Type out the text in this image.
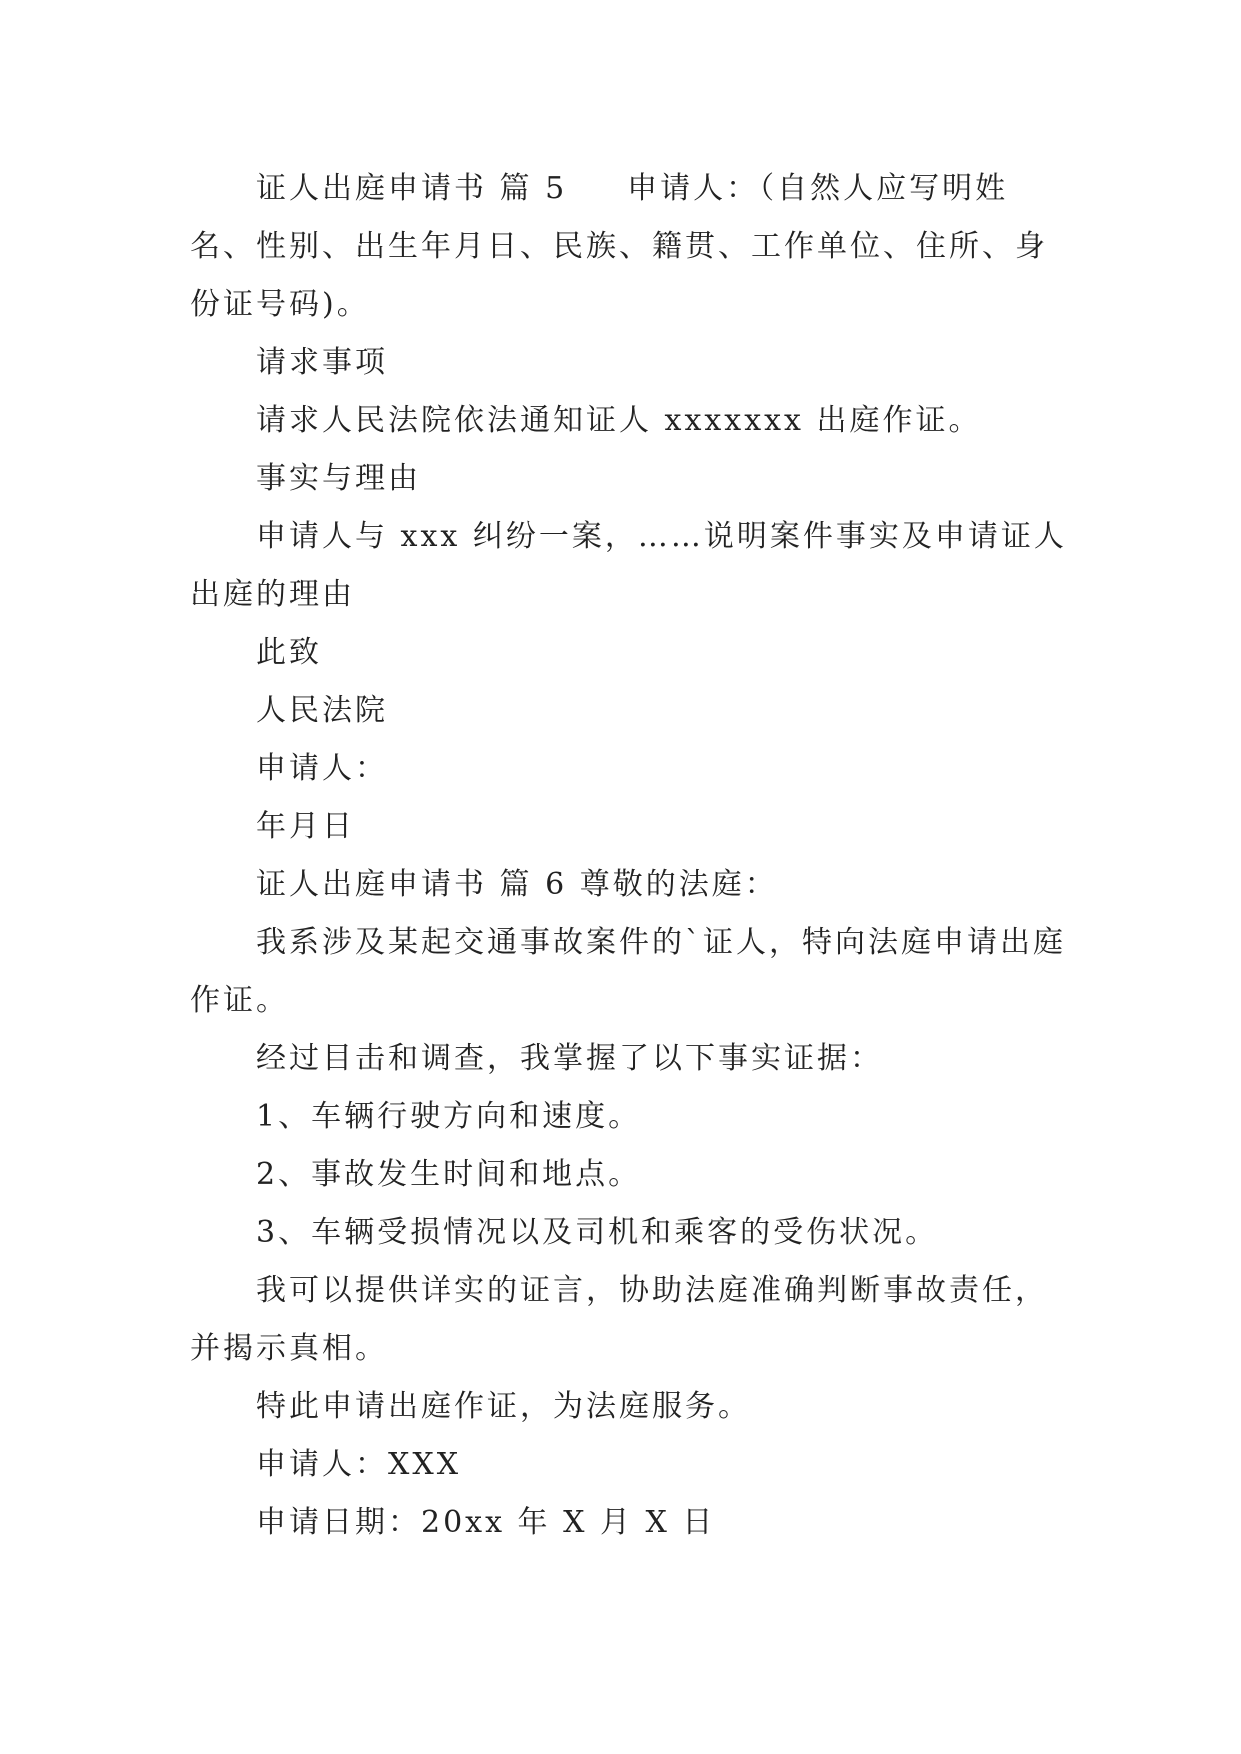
证人出庭申请书 篇 5 申请人：（自然人应写明姓名、性别、出生年月日、民族、籍贯、工作单位、住所、身份证号码)。

请求事项

请求人民法院依法通知证人 xxxxxxx 出庭作证。

事实与理由

申请人与 xxx 纠纷一案，……说明案件事实及申请证人出庭的理由

此致

人民法院

申请人：

年月日

证人出庭申请书 篇 6 尊敬的法庭：

我系涉及某起交通事故案件的`证人，特向法庭申请出庭作证。

经过目击和调查，我掌握了以下事实证据：

1、车辆行驶方向和速度。

2、事故发生时间和地点。

3、车辆受损情况以及司机和乘客的受伤状况。

我可以提供详实的证言，协助法庭准确判断事故责任，并揭示真相。

特此申请出庭作证，为法庭服务。

申请人：XXX

申请日期：20xx 年 X 月 X 日
